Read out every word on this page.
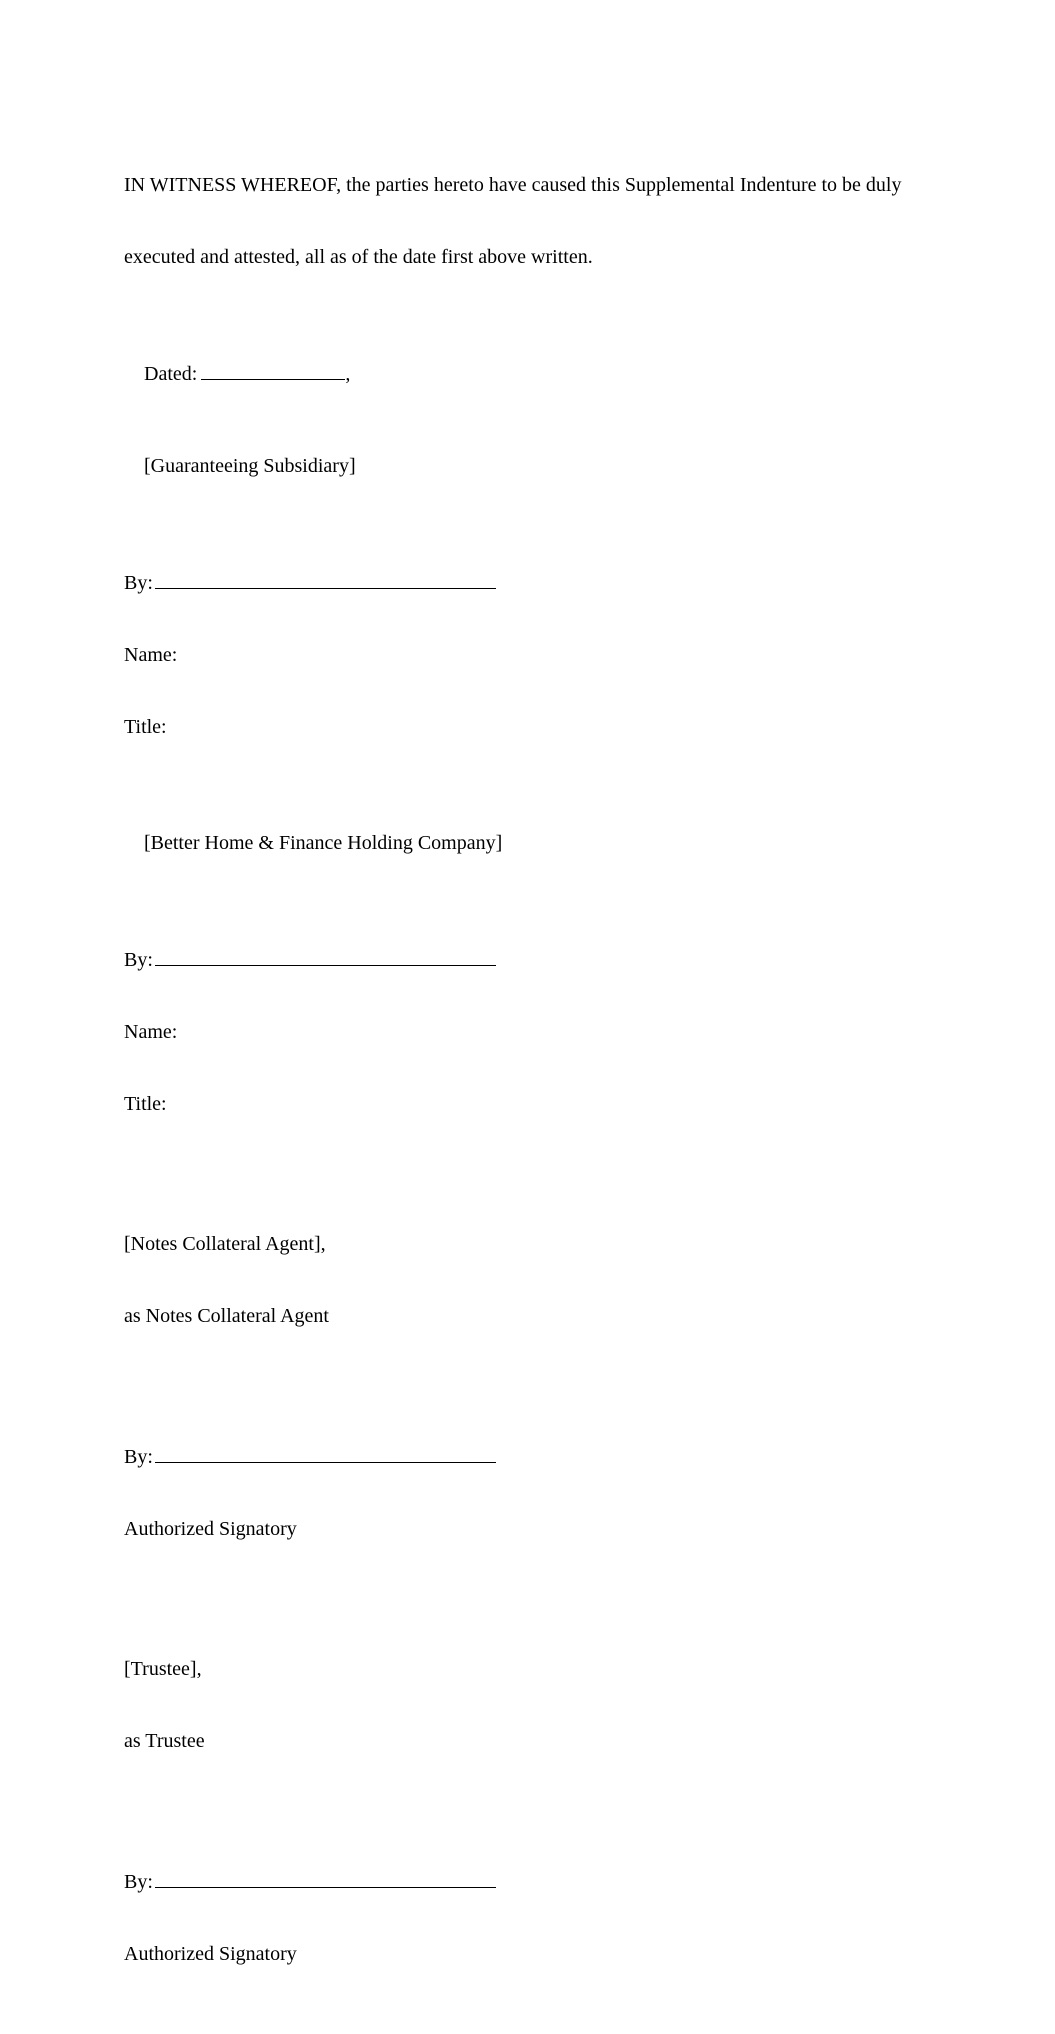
IN WITNESS WHEREOF, the parties hereto have caused this Supplemental Indenture to be duly

executed and attested, all as of the date first above written.

Dated:	,

[Guaranteeing Subsidiary]

By:

Name:

Title:

[Better Home & Finance Holding Company]

By:

Name:

Title:

[Notes Collateral Agent],

as Notes Collateral Agent

By:

Authorized Signatory

[Trustee],

as Trustee

By:

Authorized Signatory
